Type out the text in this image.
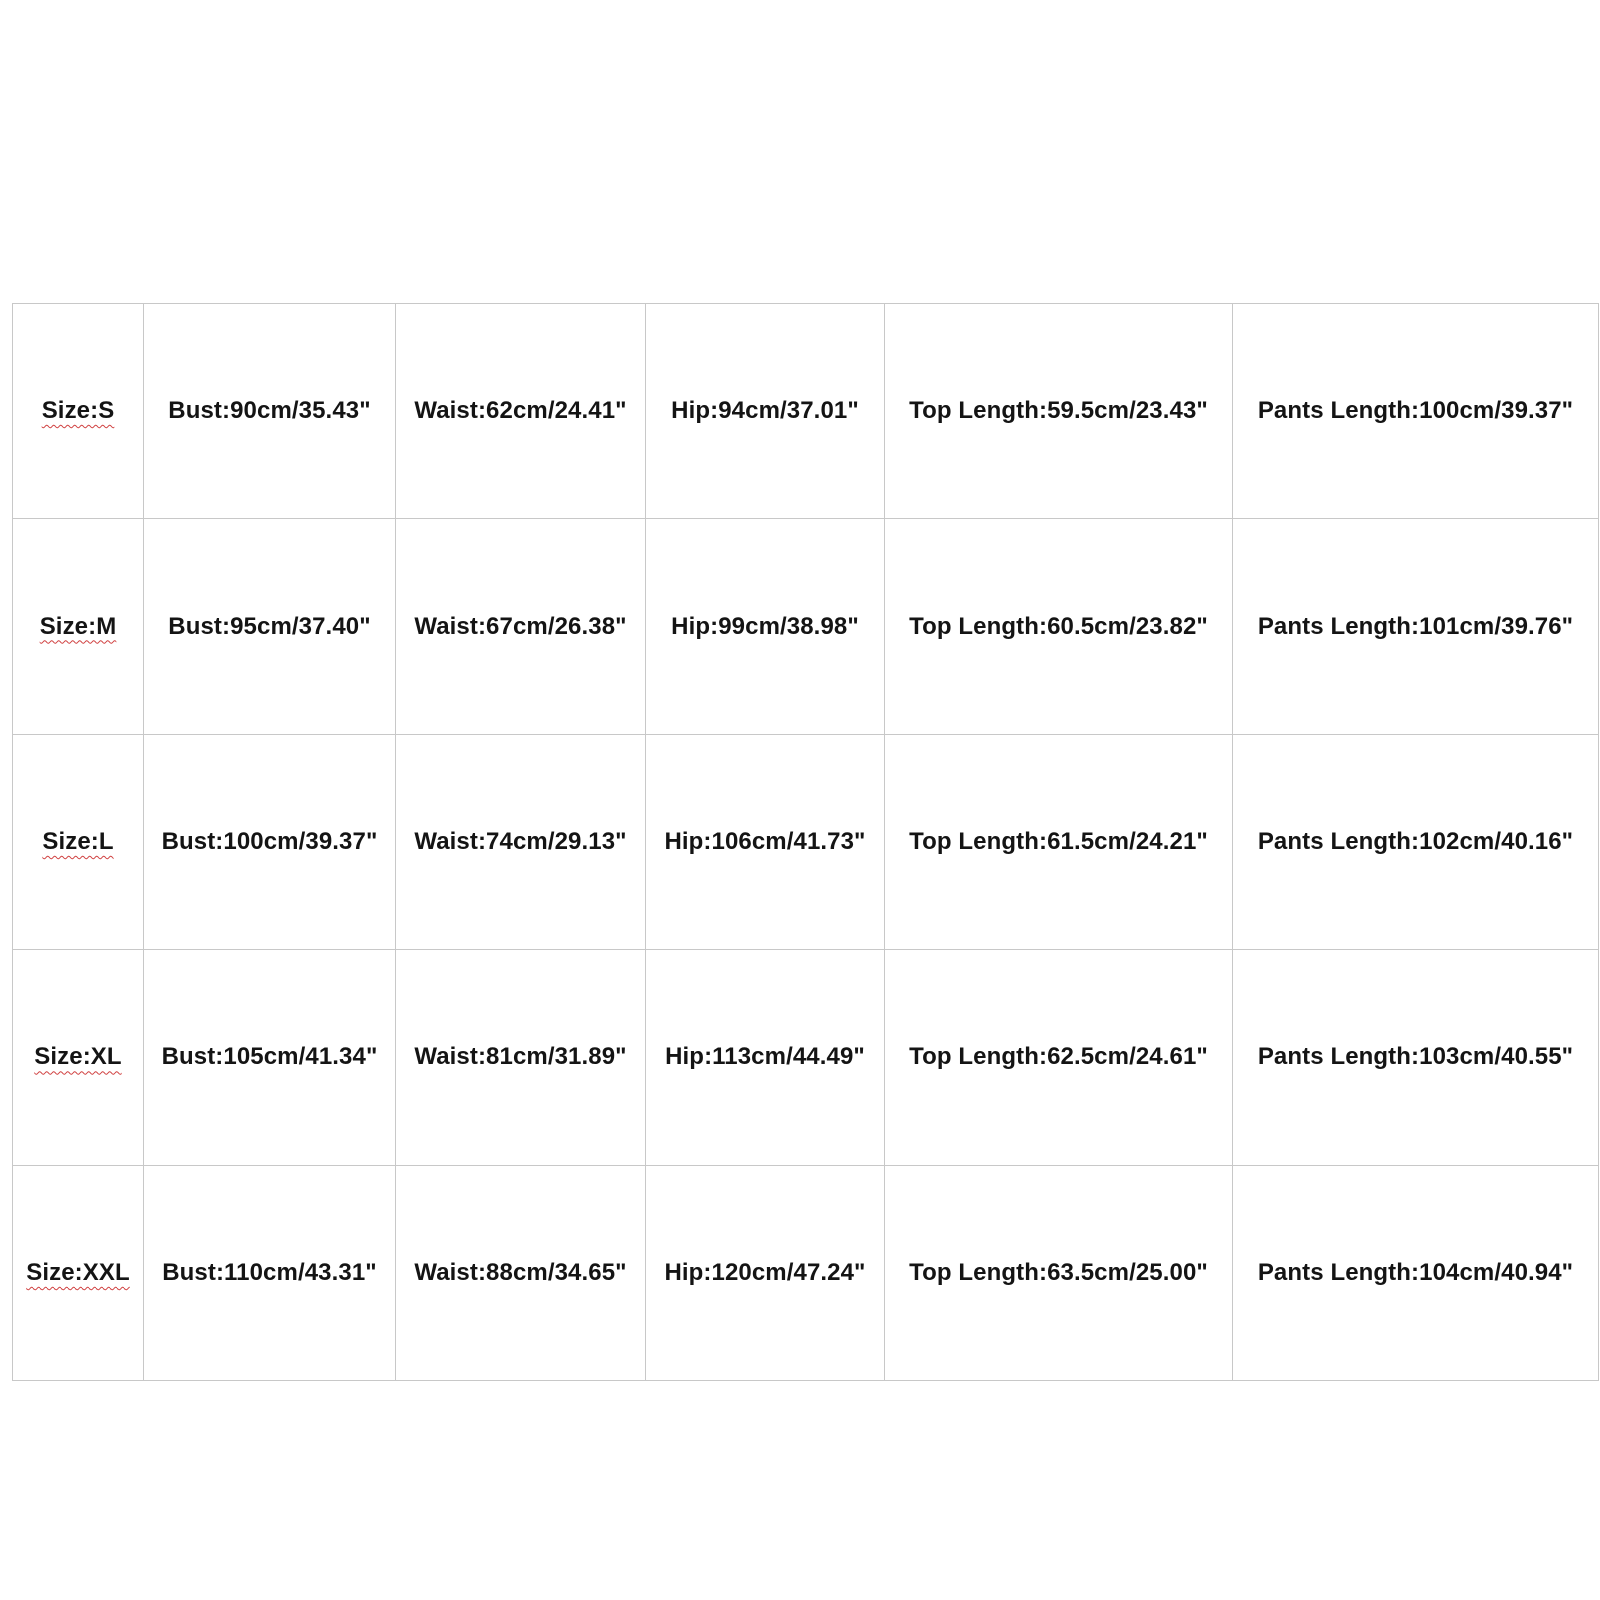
Size:S	Bust:90cm/35.43"	Waist:62cm/24.41"	Hip:94cm/37.01"	Top Length:59.5cm/23.43"	Pants Length:100cm/39.37"
Size:M	Bust:95cm/37.40"	Waist:67cm/26.38"	Hip:99cm/38.98"	Top Length:60.5cm/23.82"	Pants Length:101cm/39.76"
Size:L	Bust:100cm/39.37"	Waist:74cm/29.13"	Hip:106cm/41.73"	Top Length:61.5cm/24.21"	Pants Length:102cm/40.16"
Size:XL	Bust:105cm/41.34"	Waist:81cm/31.89"	Hip:113cm/44.49"	Top Length:62.5cm/24.61"	Pants Length:103cm/40.55"
Size:XXL	Bust:110cm/43.31"	Waist:88cm/34.65"	Hip:120cm/47.24"	Top Length:63.5cm/25.00"	Pants Length:104cm/40.94"
